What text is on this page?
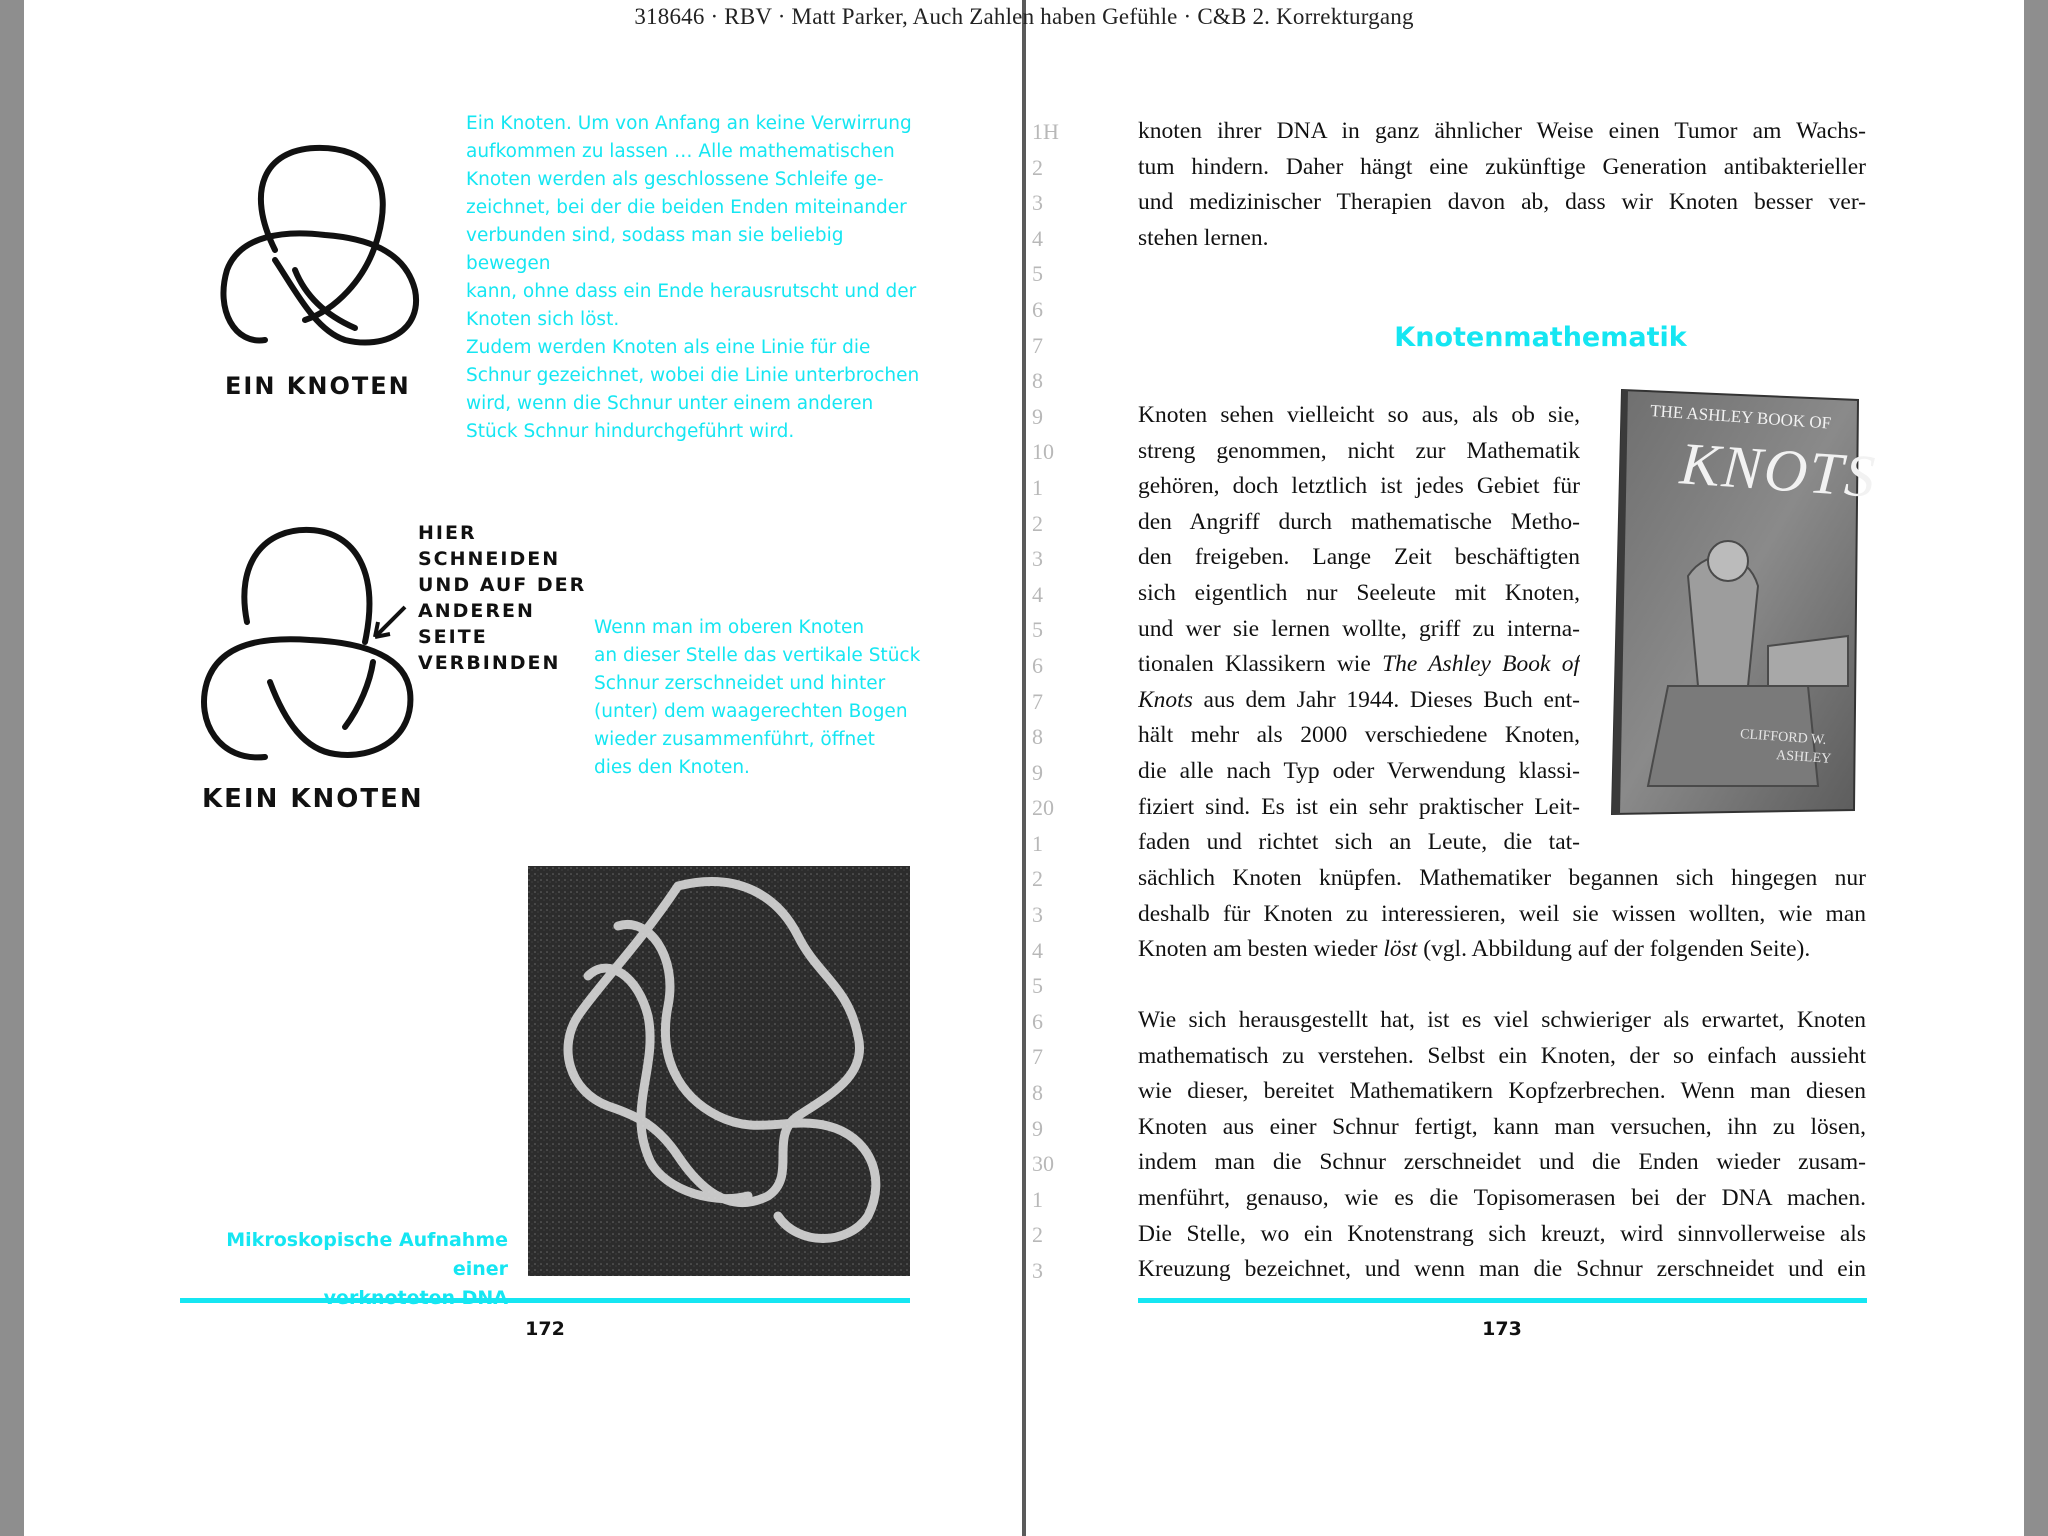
318646 · RBV · Matt Parker, Auch Zahlen haben Gefühle · C&B 2. Korrekturgang
EIN KNOTEN
Ein Knoten. Um von Anfang an keine Verwirrung
aufkommen zu lassen … Alle mathematischen
Knoten werden als geschlossene Schleife ge-
zeichnet, bei der die beiden Enden miteinander
verbunden sind, sodass man sie beliebig bewegen
kann, ohne dass ein Ende herausrutscht und der
Knoten sich löst.
Zudem werden Knoten als eine Linie für die
Schnur gezeichnet, wobei die Linie unterbrochen
wird, wenn die Schnur unter einem anderen
Stück Schnur hindurchgeführt wird.
HIER
SCHNEIDEN
UND AUF DER
ANDEREN
SEITE
VERBINDEN
KEIN KNOTEN
Wenn man im oberen Knoten
an dieser Stelle das vertikale Stück
Schnur zerschneidet und hinter
(unter) dem waagerechten Bogen
wieder zusammenführt, öffnet
dies den Knoten.
Mikroskopische Aufnahme einer

172
1H
2
3
4
5
6
7
8
9
10
1
2
3
4
5
6
7
8
9
20
1
2
3
4
5
6
7
8
9
30
1
2
3
knoten ihrer DNA in ganz ähnlicher Weise einen Tumor am Wachs-
tum hindern. Daher hängt eine zukünftige Generation antibakterieller
und medizinischer Therapien davon ab, dass wir Knoten besser ver-
stehen lernen.
Knotenmathematik
Knoten sehen vielleicht so aus, als ob sie,
streng genommen, nicht zur Mathematik
gehören, doch letztlich ist jedes Gebiet für
den Angriff durch mathematische Metho-
den freigeben. Lange Zeit beschäftigten
sich eigentlich nur Seeleute mit Knoten,
und wer sie lernen wollte, griff zu interna-
tionalen Klassikern wie The Ashley Book of
Knots aus dem Jahr 1944. Dieses Buch ent-
hält mehr als 2000 verschiedene Knoten,
die alle nach Typ oder Verwendung klassi-
fiziert sind. Es ist ein sehr praktischer Leit-
faden und richtet sich an Leute, die tat-
sächlich Knoten knüpfen. Mathematiker begannen sich hingegen nur
deshalb für Knoten zu interessieren, weil sie wissen wollten, wie man
Knoten am besten wieder löst (vgl. Abbildung auf der folgenden Seite).
Wie sich herausgestellt hat, ist es viel schwieriger als erwartet, Knoten
mathematisch zu verstehen. Selbst ein Knoten, der so einfach aussieht
wie dieser, bereitet Mathematikern Kopfzerbrechen. Wenn man diesen
Knoten aus einer Schnur fertigt, kann man versuchen, ihn zu lösen,
indem man die Schnur zerschneidet und die Enden wieder zusam-
menführt, genauso, wie es die Topisomerasen bei der DNA machen.
Die Stelle, wo ein Knotenstrang sich kreuzt, wird sinnvollerweise als
Kreuzung bezeichnet, und wenn man die Schnur zerschneidet und ein
THE ASHLEY BOOK OF
KNOTS
CLIFFORD W.
ASHLEY
173
